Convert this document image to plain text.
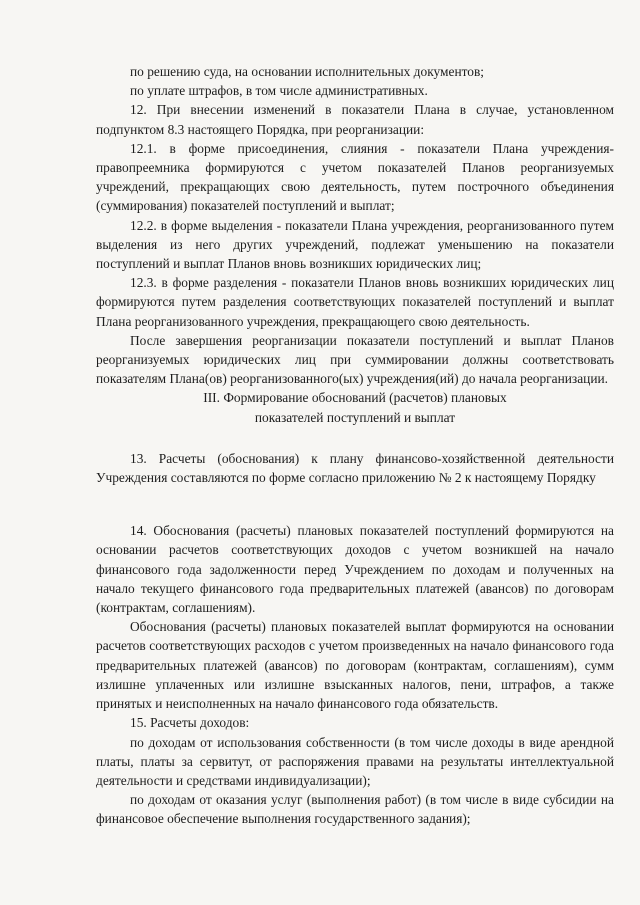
по решению суда, на основании исполнительных документов;

по уплате штрафов, в том числе административных.

12. При внесении изменений в показатели Плана в случае, установленном подпунктом 8.3 настоящего Порядка, при реорганизации:

12.1. в форме присоединения, слияния - показатели Плана учреждения-правопреемника формируются с учетом показателей Планов реорганизуемых учреждений, прекращающих свою деятельность, путем построчного объединения (суммирования) показателей поступлений и выплат;

12.2. в форме выделения - показатели Плана учреждения, реорганизованного путем выделения из него других учреждений, подлежат уменьшению на показатели поступлений и выплат Планов вновь возникших юридических лиц;

12.3. в форме разделения - показатели Планов вновь возникших юридических лиц формируются путем разделения соответствующих показателей поступлений и выплат Плана реорганизованного учреждения, прекращающего свою деятельность.

После завершения реорганизации показатели поступлений и выплат Планов реорганизуемых юридических лиц при суммировании должны соответствовать показателям Плана(ов) реорганизованного(ых) учреждения(ий) до начала реорганизации.

III. Формирование обоснований (расчетов) плановых
показателей поступлений и выплат

13. Расчеты (обоснования) к плану финансово-хозяйственной деятельности Учреждения составляются по форме согласно приложению № 2 к настоящему Порядку

14. Обоснования (расчеты) плановых показателей поступлений формируются на основании расчетов соответствующих доходов с учетом возникшей на начало финансового года задолженности перед Учреждением по доходам и полученных на начало текущего финансового года предварительных платежей (авансов) по договорам (контрактам, соглашениям).

Обоснования (расчеты) плановых показателей выплат формируются на основании расчетов соответствующих расходов с учетом произведенных на начало финансового года предварительных платежей (авансов) по договорам (контрактам, соглашениям), сумм излишне уплаченных или излишне взысканных налогов, пени, штрафов, а также принятых и неисполненных на начало финансового года обязательств.

15. Расчеты доходов:

по доходам от использования собственности (в том числе доходы в виде арендной платы, платы за сервитут, от распоряжения правами на результаты интеллектуальной деятельности и средствами индивидуализации);

по доходам от оказания услуг (выполнения работ) (в том числе в виде субсидии на финансовое обеспечение выполнения государственного задания);
